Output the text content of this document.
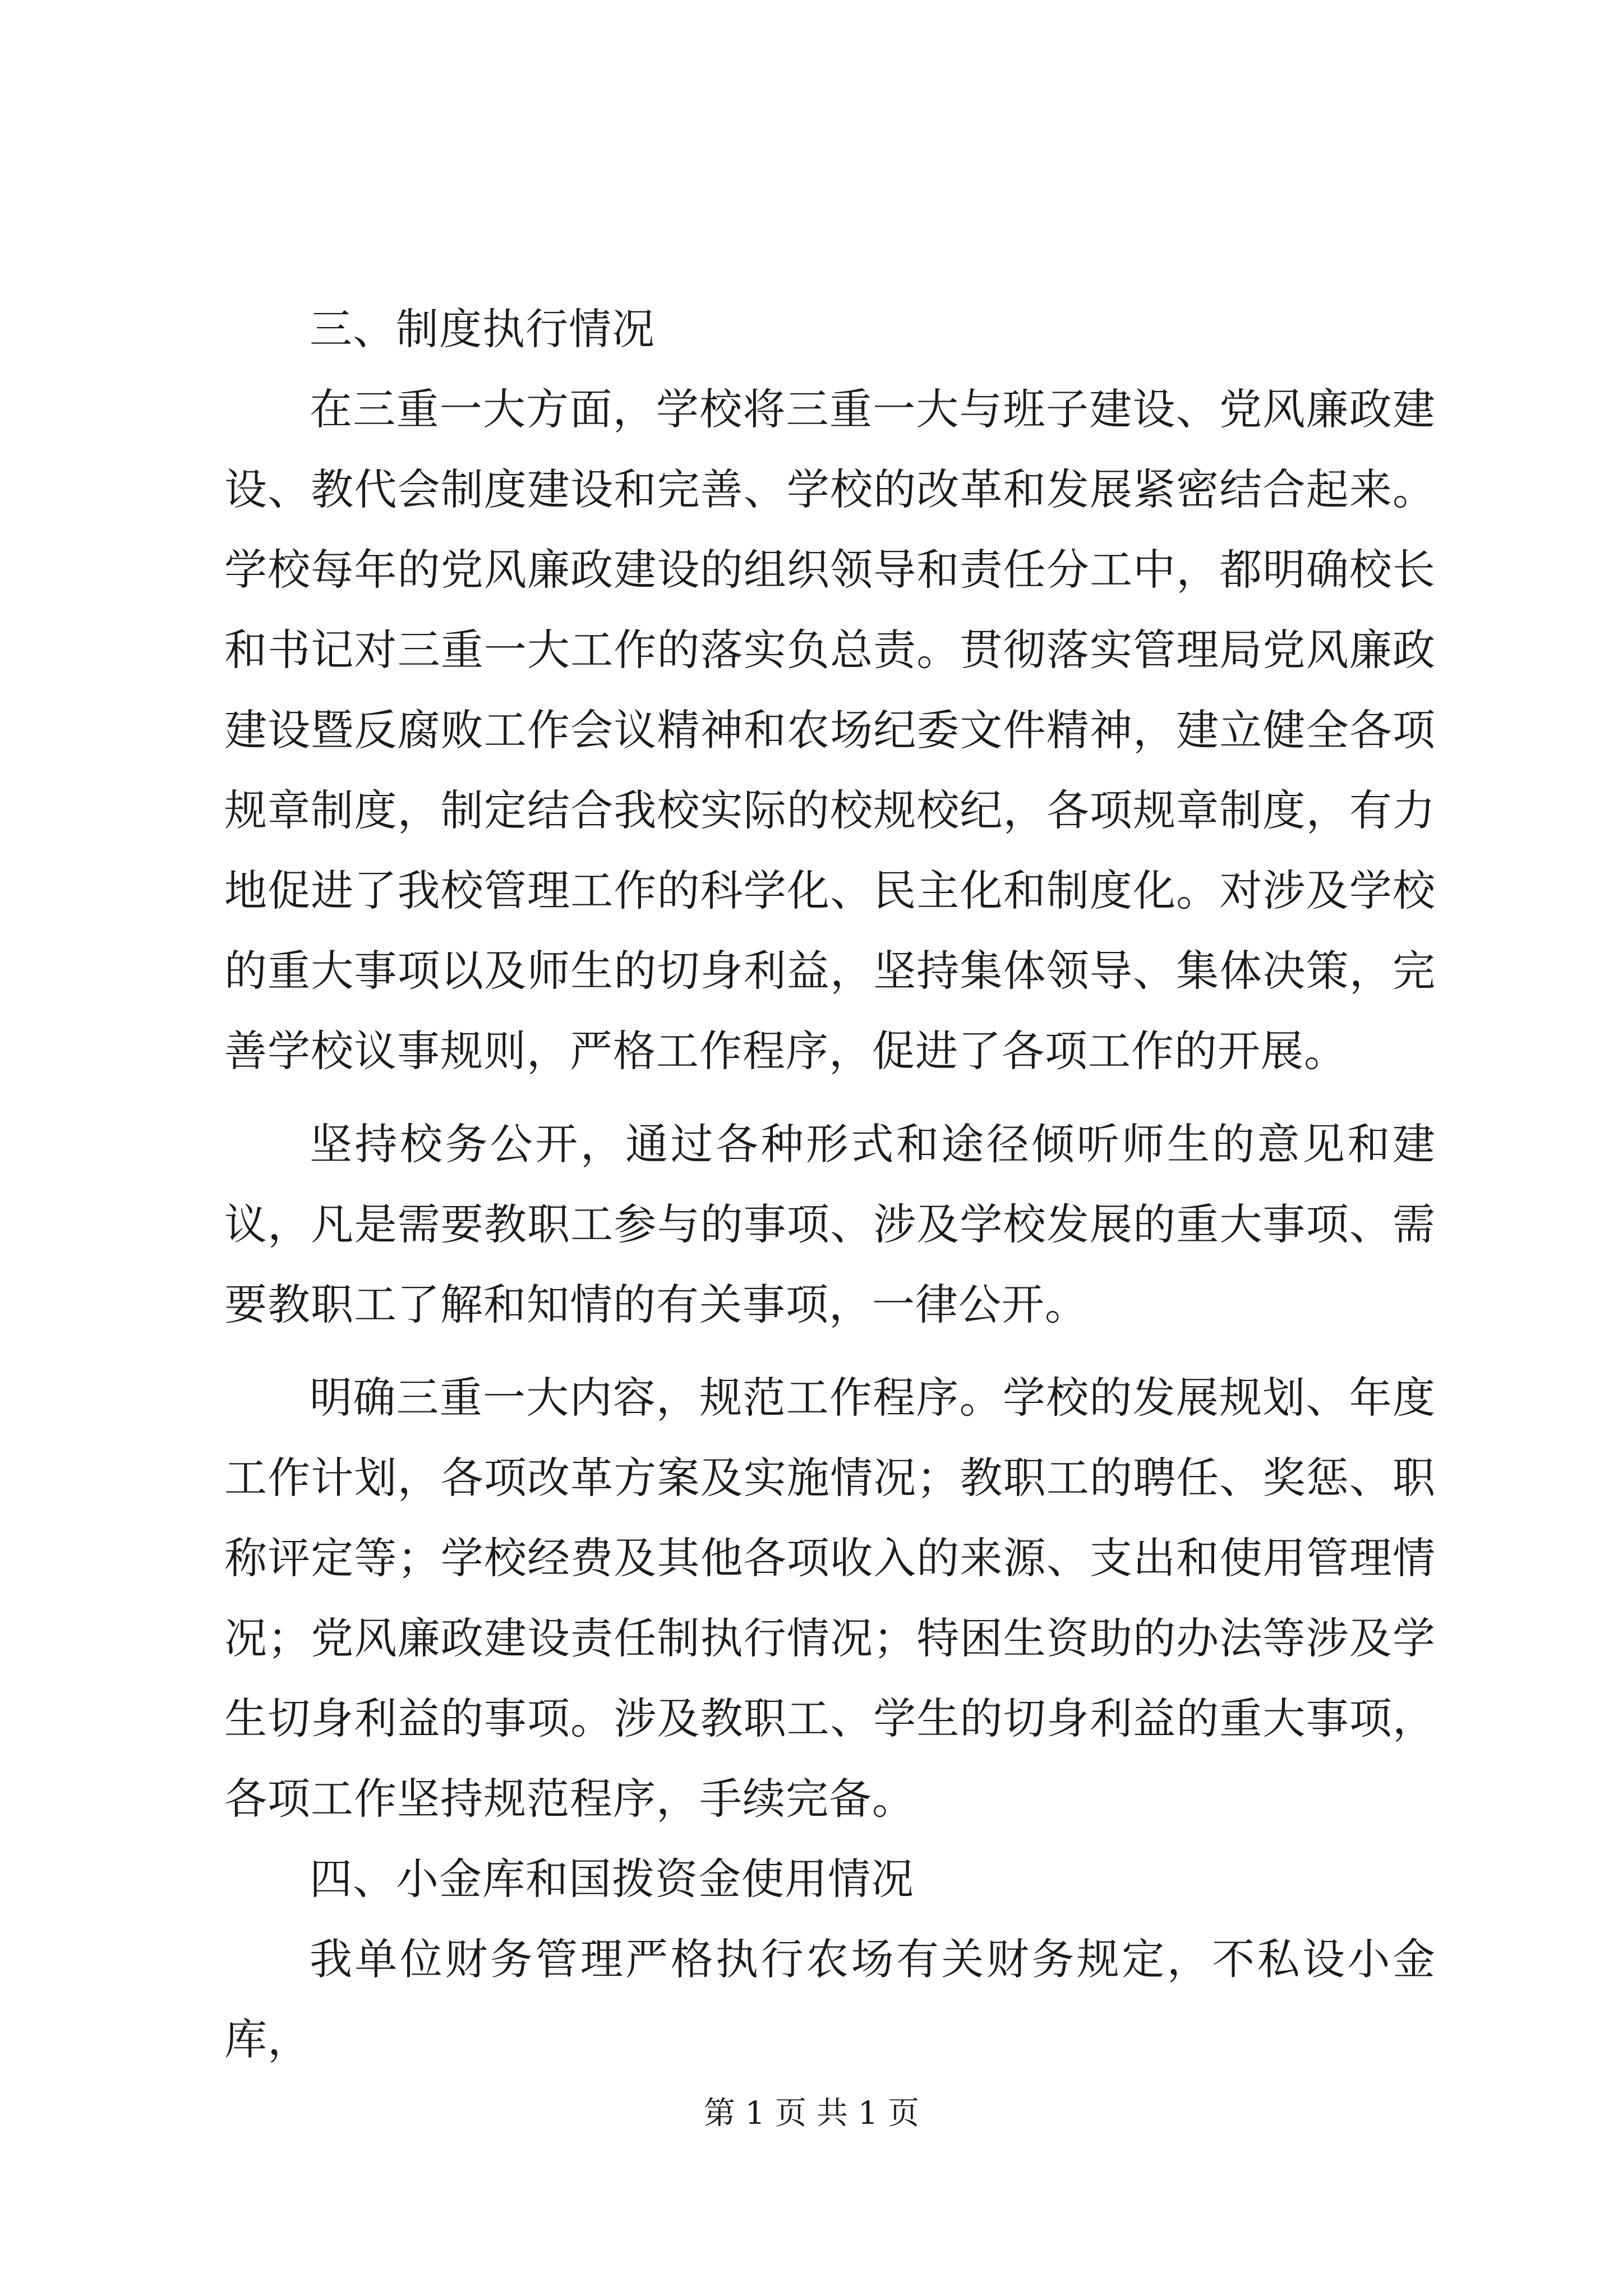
三、制度执行情况

在三重一大方面，学校将三重一大与班子建设、党风廉政建设、教代会制度建设和完善、学校的改革和发展紧密结合起来。学校每年的党风廉政建设的组织领导和责任分工中，都明确校长和书记对三重一大工作的落实负总责。贯彻落实管理局党风廉政建设暨反腐败工作会议精神和农场纪委文件精神，建立健全各项规章制度，制定结合我校实际的校规校纪，各项规章制度，有力地促进了我校管理工作的科学化、民主化和制度化。对涉及学校的重大事项以及师生的切身利益，坚持集体领导、集体决策，完善学校议事规则，严格工作程序，促进了各项工作的开展。

坚持校务公开，通过各种形式和途径倾听师生的意见和建议，凡是需要教职工参与的事项、涉及学校发展的重大事项、需要教职工了解和知情的有关事项，一律公开。

明确三重一大内容，规范工作程序。学校的发展规划、年度工作计划，各项改革方案及实施情况；教职工的聘任、奖惩、职称评定等；学校经费及其他各项收入的来源、支出和使用管理情况；党风廉政建设责任制执行情况；特困生资助的办法等涉及学生切身利益的事项。涉及教职工、学生的切身利益的重大事项，各项工作坚持规范程序，手续完备。

四、小金库和国拨资金使用情况

我单位财务管理严格执行农场有关财务规定，不私设小金库，

第 1 页 共 1 页
